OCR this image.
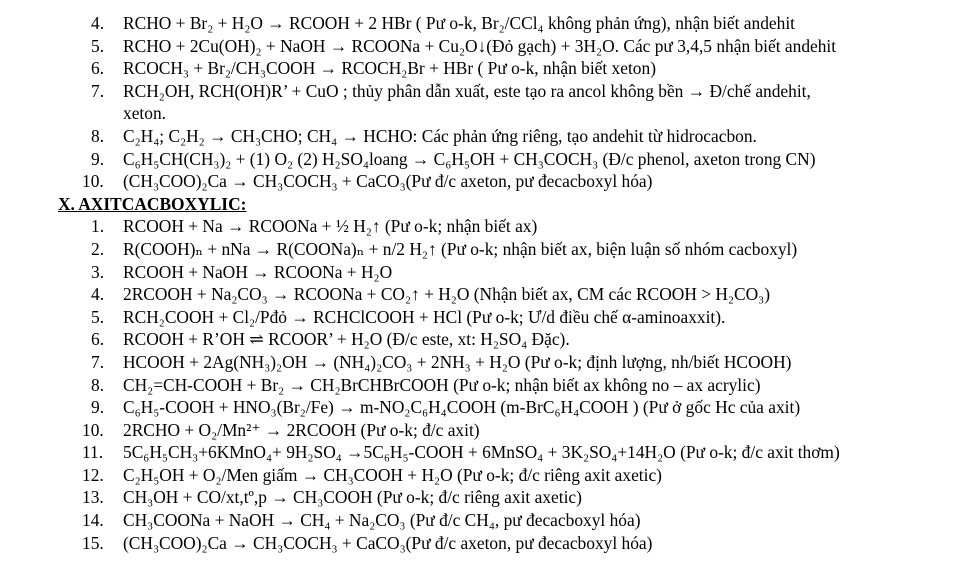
4.	RCHO + Br₂ + H₂O → RCOOH + 2 HBr ( Pư o-k, Br₂/CCl₄ không phản ứng), nhận biết andehit
5.	RCHO + 2Cu(OH)₂ + NaOH → RCOONa + Cu₂O↓(Đỏ gạch) + 3H₂O. Các pư 3,4,5 nhận biết andehit
6.	RCOCH₃ + Br₂/CH₃COOH → RCOCH₂Br + HBr ( Pư o-k, nhận biết xeton)
7.	RCH₂OH, RCH(OH)R’ + CuO ; thủy phân dẫn xuất, este tạo ra ancol không bền → Đ/chế andehit,
xeton.
8.	C₂H₄; C₂H₂ → CH₃CHO; CH₄ → HCHO: Các phản ứng riêng, tạo andehit từ hidrocacbon.
9.	C₆H₅CH(CH₃)₂ + (1) O₂ (2) H₂SO₄loang → C₆H₅OH + CH₃COCH₃ (Đ/c phenol, axeton trong CN)
10.	(CH₃COO)₂Ca → CH₃COCH₃ + CaCO₃(Pư đ/c axeton, pư đecacboxyl hóa)
X. AXITCACBOXYLIC:
1.	RCOOH + Na → RCOONa + ½ H₂↑ (Pư o-k; nhận biết ax)
2.	R(COOH)ₙ + nNa → R(COONa)ₙ + n/2 H₂↑ (Pư o-k; nhận biết ax, biện luận số nhóm cacboxyl)
3.	RCOOH + NaOH → RCOONa + H₂O
4.	2RCOOH + Na₂CO₃ → RCOONa + CO₂↑ + H₂O (Nhận biết ax, CM các RCOOH > H₂CO₃)
5.	RCH₂COOH + Cl₂/Pđỏ → RCHClCOOH + HCl (Pư o-k; Ư/d điều chế α-aminoaxxit).
6.	RCOOH + R’OH ⇌ RCOOR’ + H₂O (Đ/c este, xt: H₂SO₄ Đặc).
7.	HCOOH + 2Ag(NH₃)₂OH → (NH₄)₂CO₃ + 2NH₃ + H₂O (Pư o-k; định lượng, nh/biết HCOOH)
8.	CH₂=CH-COOH + Br₂ → CH₂BrCHBrCOOH (Pư o-k; nhận biết ax không no – ax acrylic)
9.	C₆H₅-COOH + HNO₃(Br₂/Fe) → m-NO₂C₆H₄COOH (m-BrC₆H₄COOH ) (Pư ở gốc Hc của axit)
10.	2RCHO + O₂/Mn²⁺ → 2RCOOH (Pư o-k; đ/c axit)
11.	5C₆H₅CH₃+6KMnO₄+ 9H₂SO₄ →5C₆H₅-COOH + 6MnSO₄ + 3K₂SO₄+14H₂O (Pư o-k; đ/c axit thơm)
12.	C₂H₅OH + O₂/Men giấm → CH₃COOH + H₂O (Pư o-k; đ/c riêng axit axetic)
13.	CH₃OH + CO/xt,tº,p → CH₃COOH (Pư o-k; đ/c riêng axit axetic)
14.	CH₃COONa + NaOH → CH₄ + Na₂CO₃ (Pư đ/c CH₄, pư đecacboxyl hóa)
15.	(CH₃COO)₂Ca → CH₃COCH₃ + CaCO₃(Pư đ/c axeton, pư đecacboxyl hóa)
